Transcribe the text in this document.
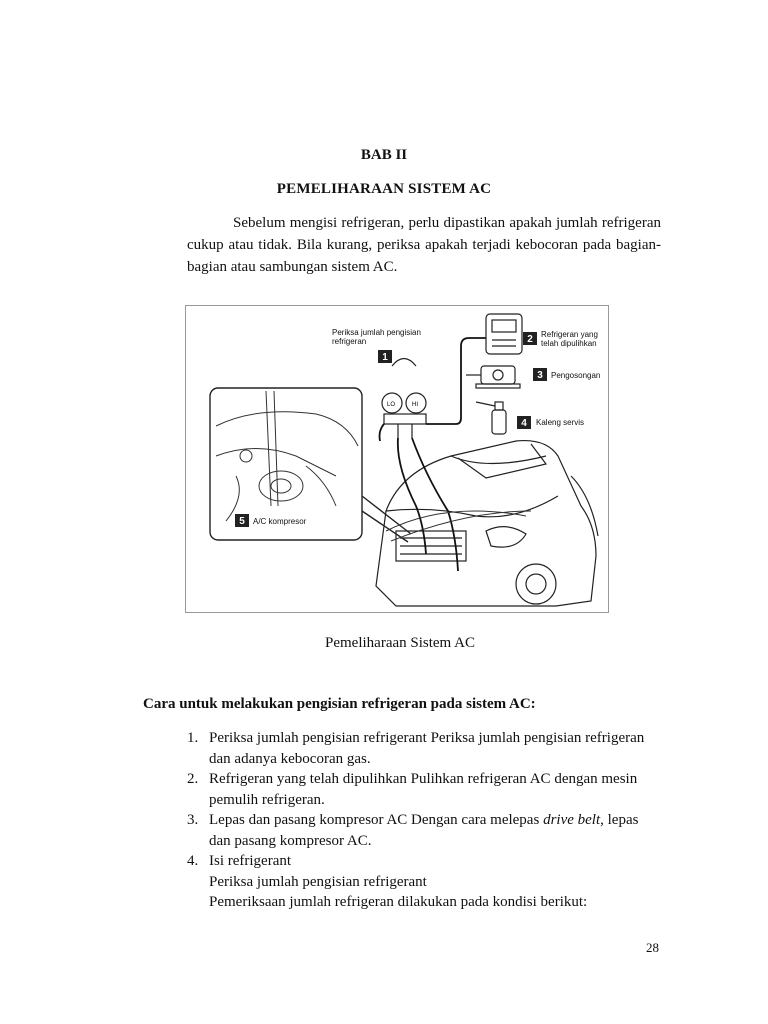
BAB II
PEMELIHARAAN SISTEM AC

Sebelum mengisi refrigeran, perlu dipastikan apakah jumlah refrigeran cukup atau tidak. Bila kurang, periksa apakah terjadi kebocoran pada bagian-bagian atau sambungan sistem AC.

LO	HI
1
2
3
4
5
Periksa jumlah pengisian
refrigeran
Refrigeran yang
telah dipulihkan
Pengosongan
Kaleng servis
A/C kompresor
Pemeliharaan Sistem AC
Cara untuk melakukan pengisian refrigeran pada sistem AC:
1. Periksa jumlah pengisian refrigerant Periksa jumlah pengisian refrigeran
dan adanya kebocoran gas.
2. Refrigeran yang telah dipulihkan Pulihkan refrigeran AC dengan mesin
pemulih refrigeran.
3. Lepas dan pasang kompresor AC Dengan cara melepas drive belt, lepas
dan pasang kompresor AC.
4. Isi refrigerant
Periksa jumlah pengisian refrigerant
Pemeriksaan jumlah refrigeran dilakukan pada kondisi berikut:
28
